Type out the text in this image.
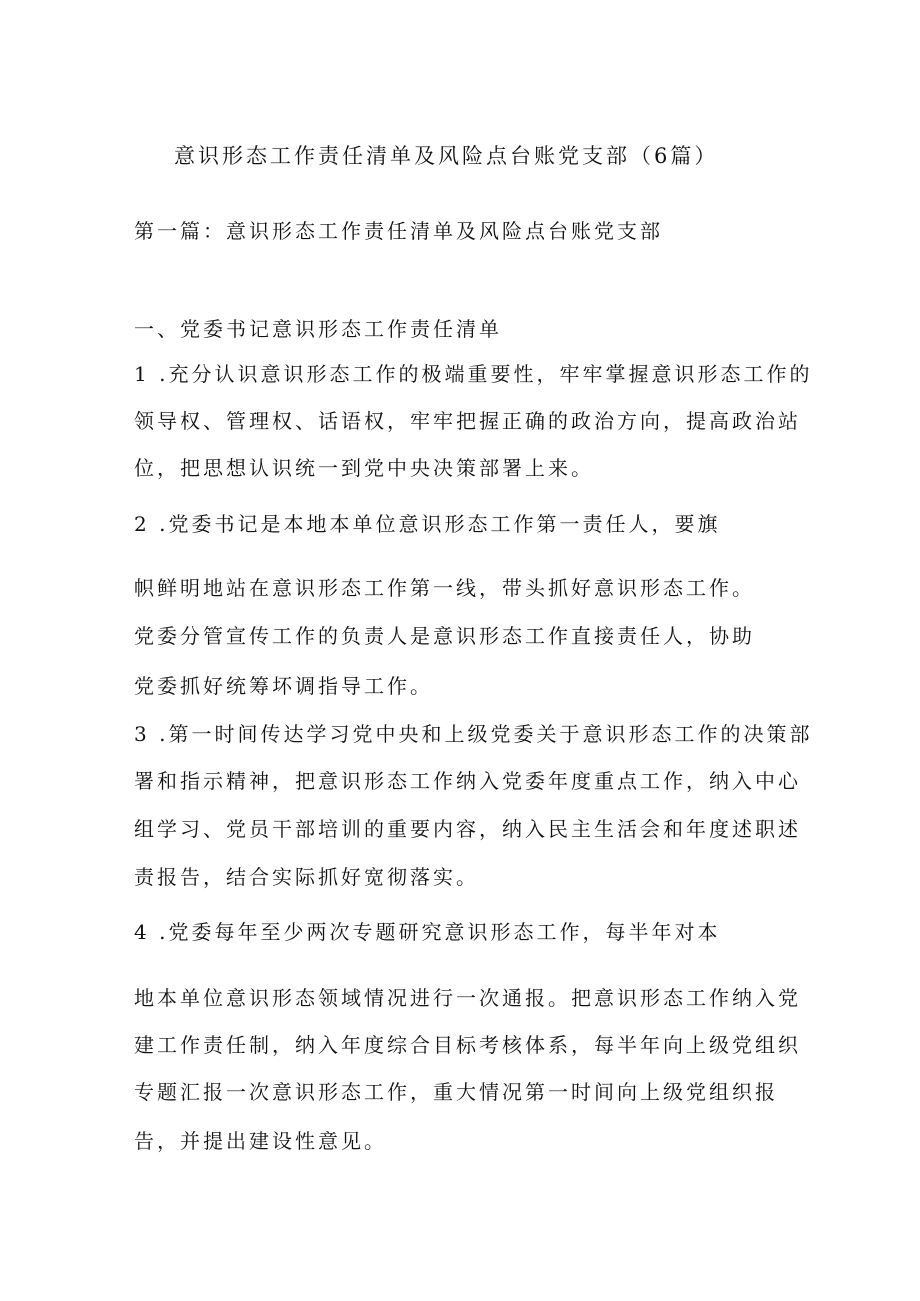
意识形态工作责任清单及风险点台账党支部（6篇）
第一篇：意识形态工作责任清单及风险点台账党支部
一、党委书记意识形态工作责任清单
1 .充分认识意识形态工作的极端重要性，牢牢掌握意识形态工作的
领导权、管理权、话语权，牢牢把握正确的政治方向，提高政治站
位，把思想认识统一到党中央决策部署上来。
2 .党委书记是本地本单位意识形态工作第一责任人，要旗
帜鲜明地站在意识形态工作第一线，带头抓好意识形态工作。
党委分管宣传工作的负责人是意识形态工作直接责任人，协助
党委抓好统筹坏调指导工作。
3 .第一时间传达学习党中央和上级党委关于意识形态工作的决策部
署和指示精神，把意识形态工作纳入党委年度重点工作，纳入中心
组学习、党员干部培训的重要内容，纳入民主生活会和年度述职述
责报告，结合实际抓好宽彻落实。
4 .党委每年至少两次专题研究意识形态工作，每半年对本
地本单位意识形态领域情况进行一次通报。把意识形态工作纳入党
建工作责任制，纳入年度综合目标考核体系，每半年向上级党组织
专题汇报一次意识形态工作，重大情况第一时间向上级党组织报
告，并提出建设性意见。
